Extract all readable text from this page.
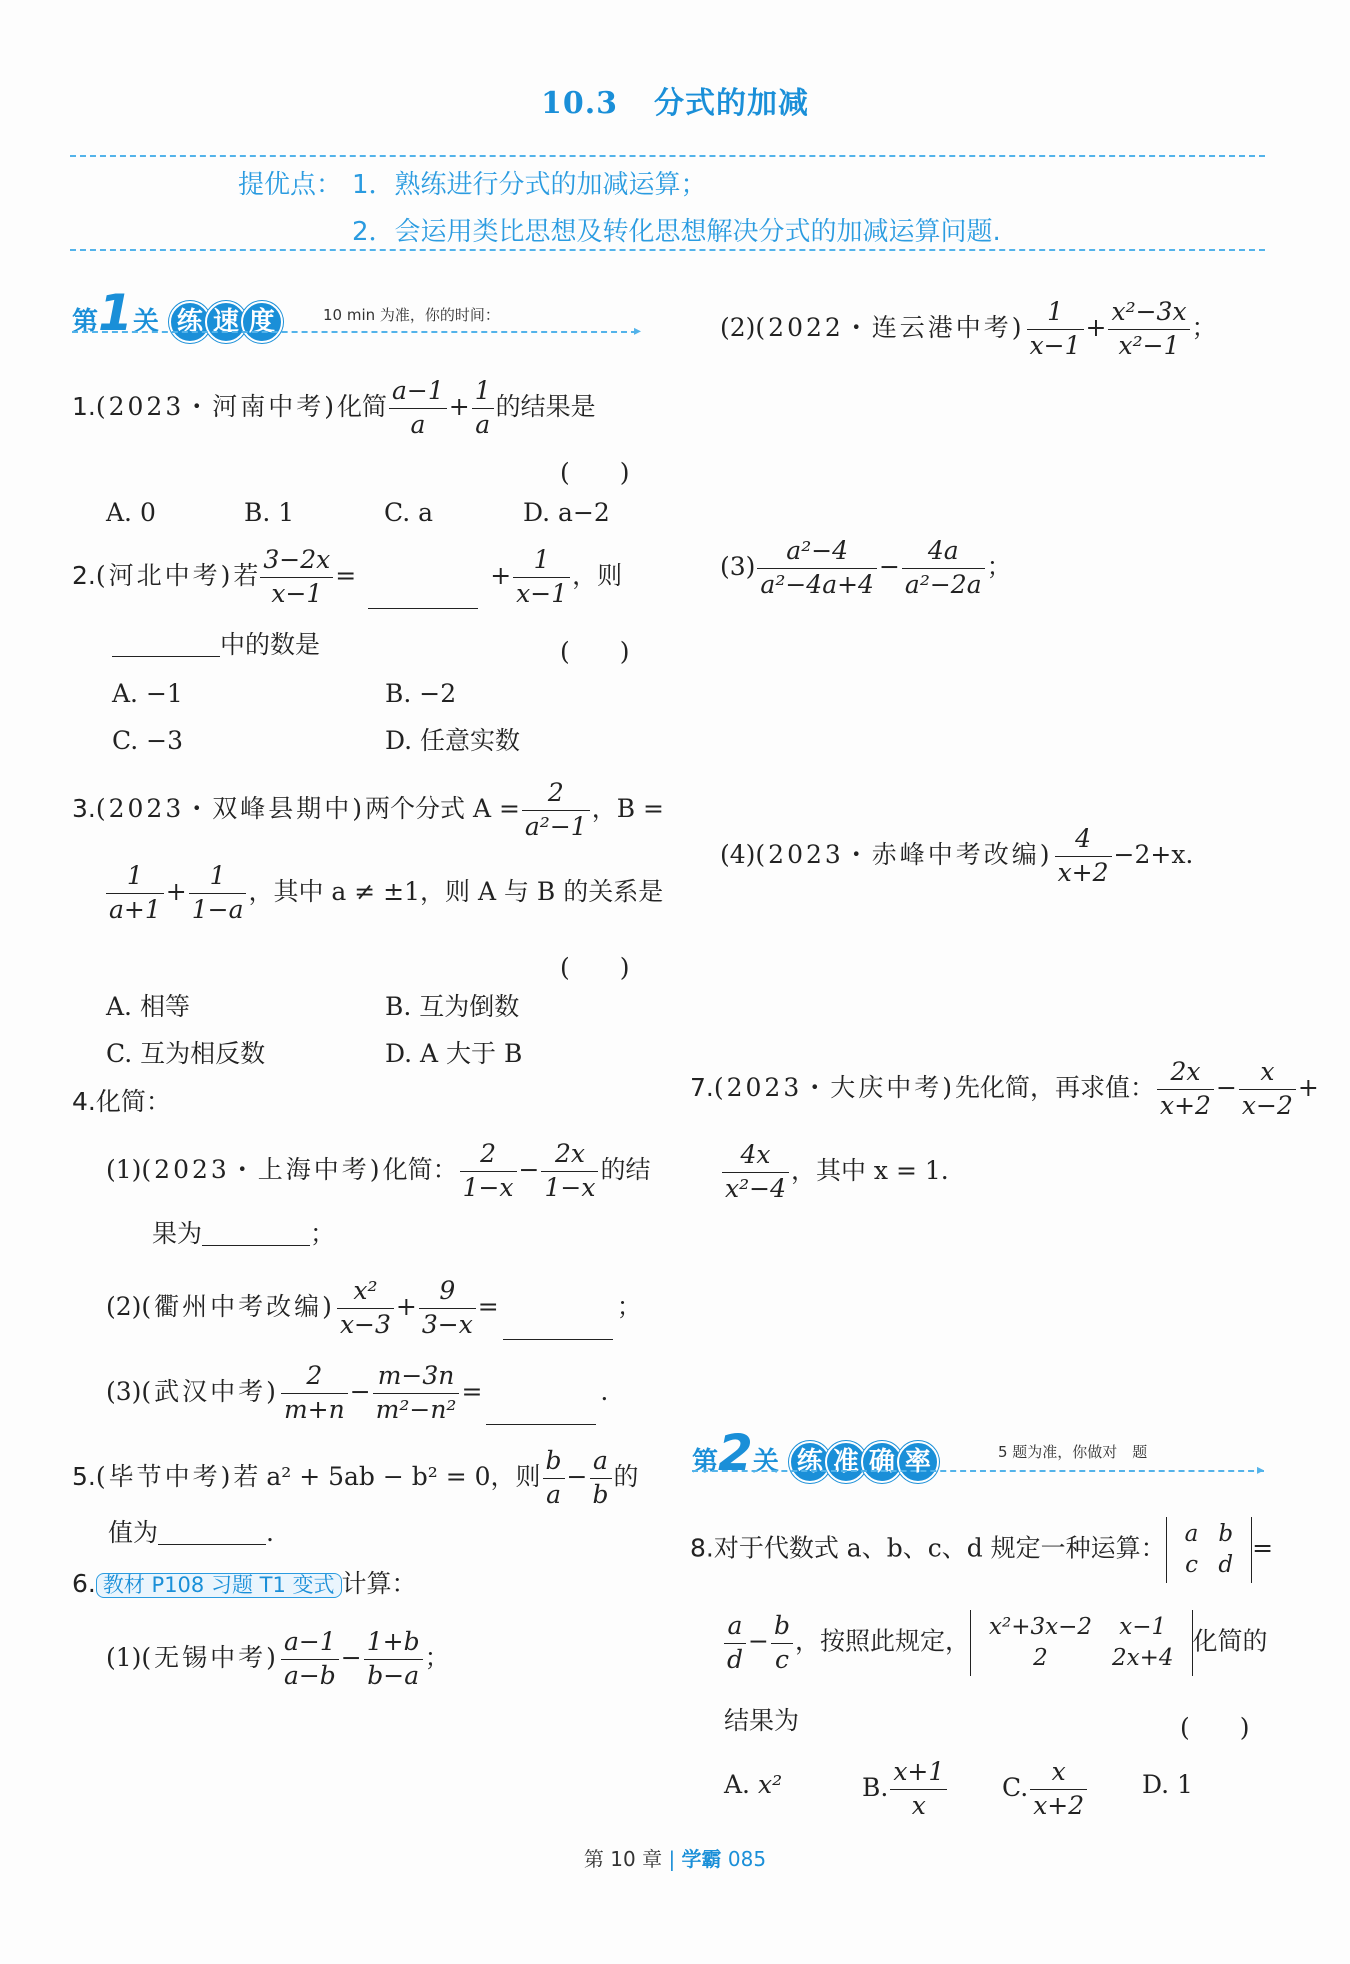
10.3 分式的加减
提优点： 1．熟练进行分式的加减运算；
2．会运用类比思想及转化思想解决分式的加减运算问题.
第1关 练 速 度	10 min 为准，你的时间：
▸
1.(2023・河南中考)化简 $\frac{a-1}{a} + \frac{1}{a}$ 的结果是
(　　)
A. 0	B. 1	C. a	D. a−2
2.(河北中考)若 $\frac{3-2x}{x-1}$ =	+ $\frac{1}{x-1}$ ，则
中的数是	(　　)
A. −1	B. −2
C. −3	D. 任意实数
3.(2023・双峰县期中)两个分式 $A = \frac{2}{\text{a²−1}}$ ，B =
$\frac{1}{a+1} + \frac{1}{1-a}$ ，其中 a ≠ ±1，则 A 与 B 的关系是
(　　)
A. 相等	B. 互为倒数
C. 互为相反数	D. A 大于 B
4.化简：
(1)(2023・上海中考)化简： $\frac{2}{1-x} - \frac{2x}{1-x}$ 的结
果为	；
(2)(衢州中考改编) $\frac{\text{x²}}{x-3} + \frac{9}{3-x}$ =	；
(3)(武汉中考) $\frac{2}{m+n} - \frac{m-3n}{\text{m²−n²}}$ =	.
5.(毕节中考)若 a² + 5ab − b² = 0，则 $\frac{b}{a} - \frac{a}{b}$ 的
值为	.
6. 教材 P108 习题 T1 变式 计算：
(1)(无锡中考) $\frac{a-1}{a-b} - \frac{1+b}{b-a}$ ；
(2)(2022・连云港中考) $\frac{1}{x-1} + \frac{\text{x²−3x}}{\text{x²−1}}$ ；
$(3) \frac{\text{a²−4}}{\text{a²−4a+4}} - \frac{4a}{\text{a²−2a}}$ ；
(4)(2023・赤峰中考改编) $\frac{4}{x+2} -2+x$.
7.(2023・大庆中考)先化简，再求值： $\frac{2x}{x+2} - \frac{x}{x-2}$ +
$\frac{4x}{\text{x²−4}}$ ，其中 x = 1.
第2关 练 准 确 率	5 题为准，你做对　题
▸
8.对于代数式 a、b、c、d 规定一种运算： a	b
c	d
=
$\frac{a}{d} - \frac{b}{c}$ ，按照此规定， x²+3x−2	x−1
2	2x+4
化简的
结果为	(　　)
A. x²	B. $\frac{x+1}{x} C$. $\frac{x}{x+2} D$. 1
第 10 章 | 学霸 085
